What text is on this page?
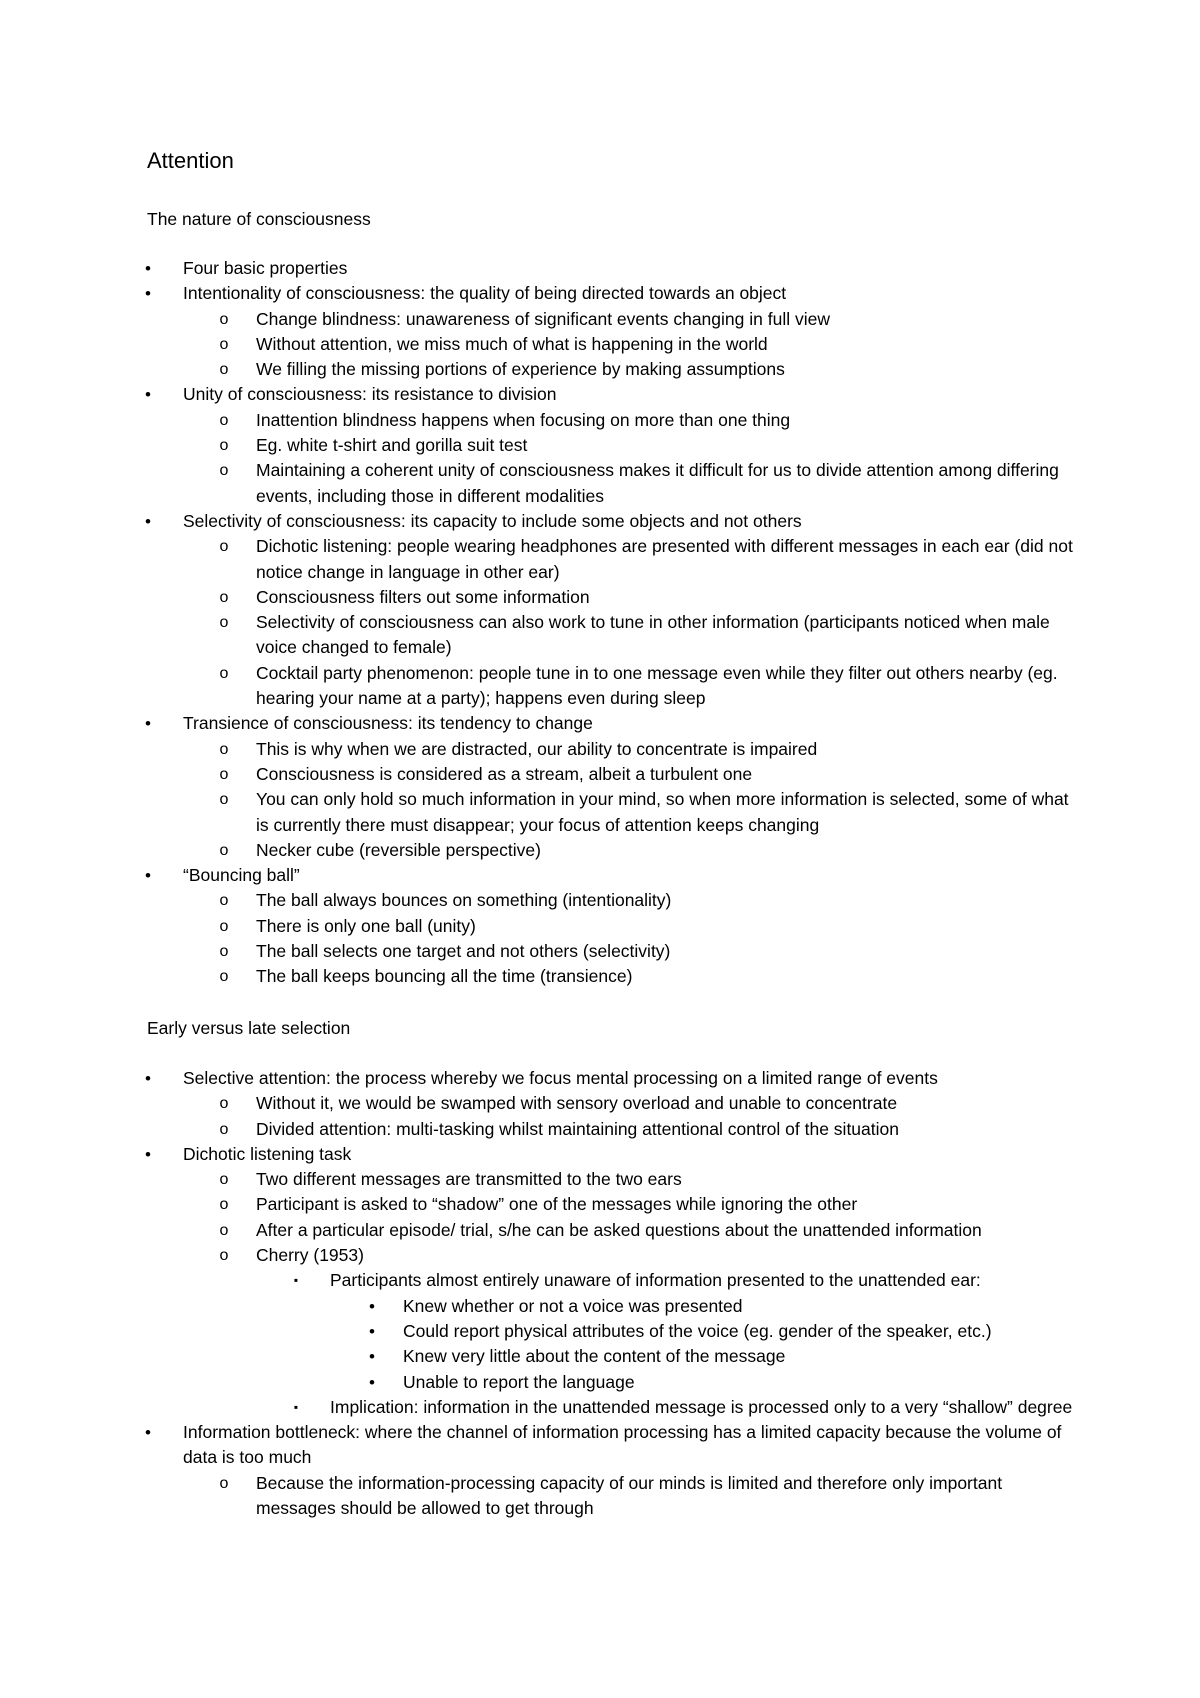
Attention
The nature of consciousness
•	Four basic properties
•	Intentionality of consciousness: the quality of being directed towards an object
o	Change blindness: unawareness of significant events changing in full view
o	Without attention, we miss much of what is happening in the world
o	We filling the missing portions of experience by making assumptions
•	Unity of consciousness: its resistance to division
o	Inattention blindness happens when focusing on more than one thing
o	Eg. white t-shirt and gorilla suit test
o	Maintaining a coherent unity of consciousness makes it difficult for us to divide attention among differing events, including those in different modalities
•	Selectivity of consciousness: its capacity to include some objects and not others
o	Dichotic listening: people wearing headphones are presented with different messages in each ear (did not notice change in language in other ear)
o	Consciousness filters out some information
o	Selectivity of consciousness can also work to tune in other information (participants noticed when male voice changed to female)
o	Cocktail party phenomenon: people tune in to one message even while they filter out others nearby (eg. hearing your name at a party); happens even during sleep
•	Transience of consciousness: its tendency to change
o	This is why when we are distracted, our ability to concentrate is impaired
o	Consciousness is considered as a stream, albeit a turbulent one
o	You can only hold so much information in your mind, so when more information is selected, some of what is currently there must disappear; your focus of attention keeps changing
o	Necker cube (reversible perspective)
•	“Bouncing ball”
o	The ball always bounces on something (intentionality)
o	There is only one ball (unity)
o	The ball selects one target and not others (selectivity)
o	The ball keeps bouncing all the time (transience)
Early versus late selection
•	Selective attention: the process whereby we focus mental processing on a limited range of events
o	Without it, we would be swamped with sensory overload and unable to concentrate
o	Divided attention: multi-tasking whilst maintaining attentional control of the situation
•	Dichotic listening task
o	Two different messages are transmitted to the two ears
o	Participant is asked to “shadow” one of the messages while ignoring the other
o	After a particular episode/ trial, s/he can be asked questions about the unattended information
o	Cherry (1953)
▪	Participants almost entirely unaware of information presented to the unattended ear:
•	Knew whether or not a voice was presented
•	Could report physical attributes of the voice (eg. gender of the speaker, etc.)
•	Knew very little about the content of the message
•	Unable to report the language
▪	Implication: information in the unattended message is processed only to a very “shallow” degree
•	Information bottleneck: where the channel of information processing has a limited capacity because the volume of data is too much
o	Because the information-processing capacity of our minds is limited and therefore only important messages should be allowed to get through
